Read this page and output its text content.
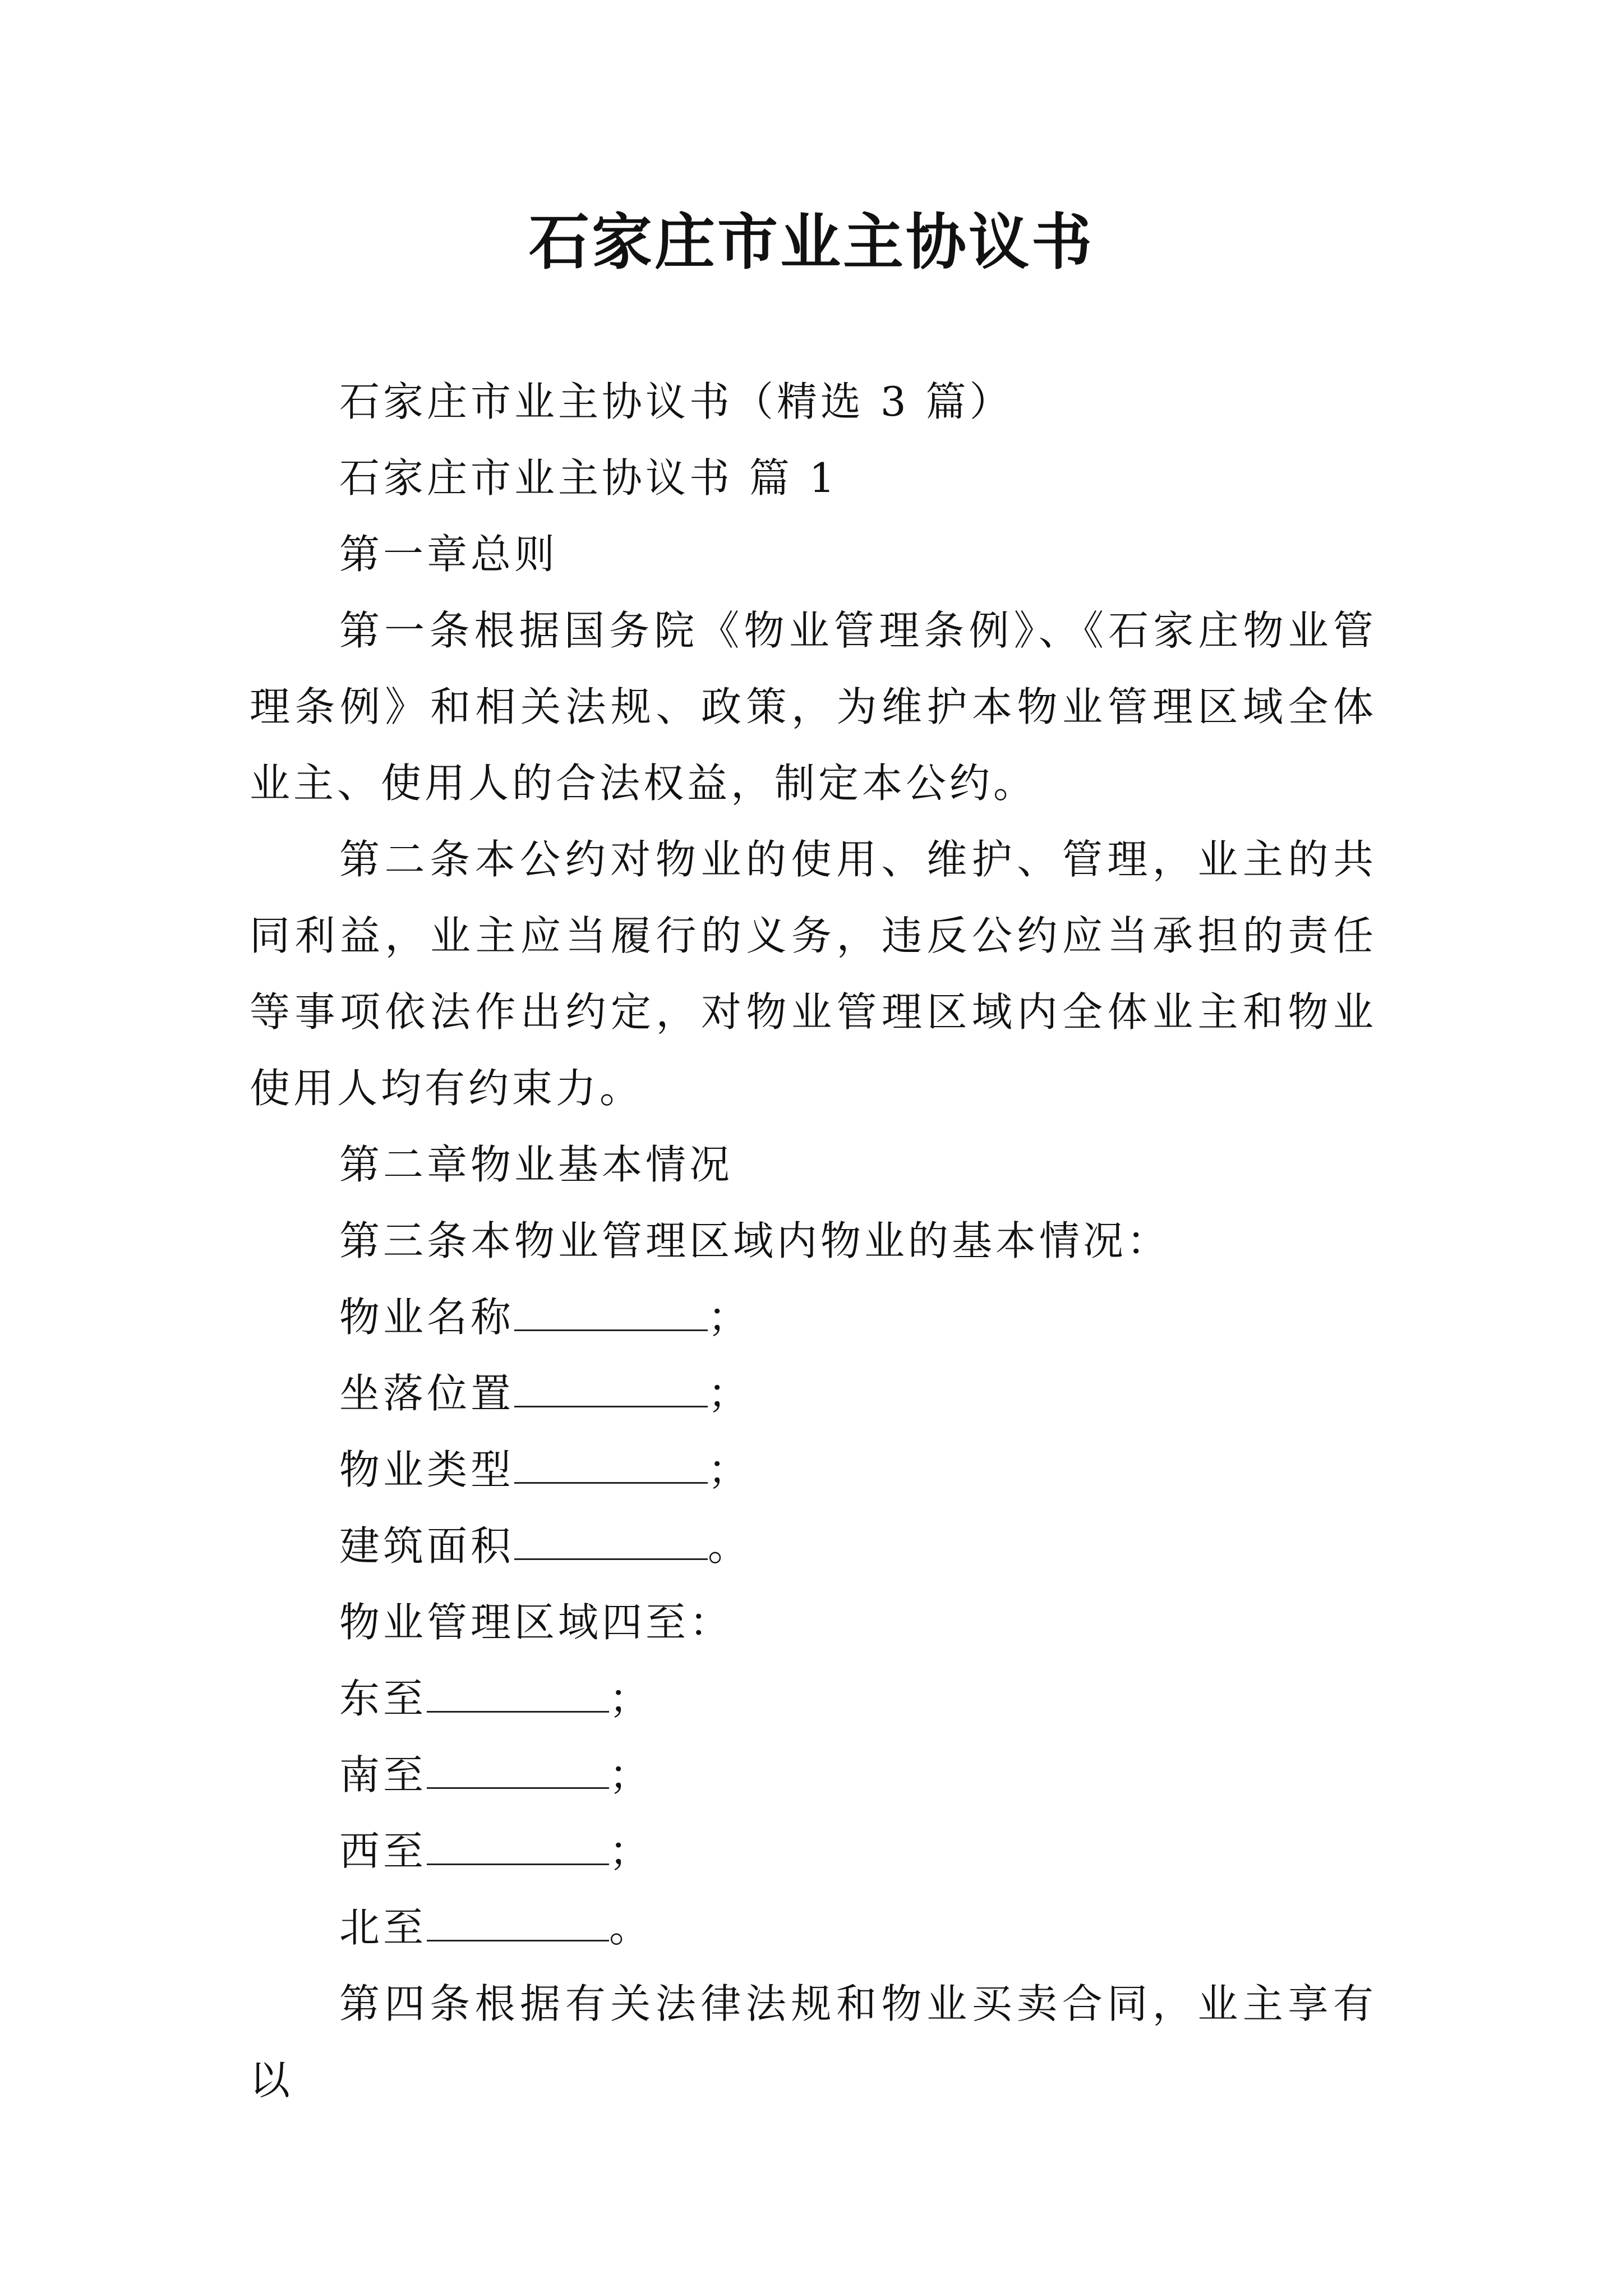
石家庄市业主协议书

石家庄市业主协议书（精选 3 篇）

石家庄市业主协议书 篇 1

第一章总则

第一条根据国务院《物业管理条例》、《石家庄物业管理条例》和相关法规、政策，为维护本物业管理区域全体业主、使用人的合法权益，制定本公约。

第二条本公约对物业的使用、维护、管理，业主的共同利益，业主应当履行的义务，违反公约应当承担的责任等事项依法作出约定，对物业管理区域内全体业主和物业使用人均有约束力。

第二章物业基本情况

第三条本物业管理区域内物业的基本情况：

物业名称	；

坐落位置	；

物业类型	；

建筑面积	。

物业管理区域四至：

东至	；

南至	；

西至	；

北至	。

第四条根据有关法律法规和物业买卖合同，业主享有以
